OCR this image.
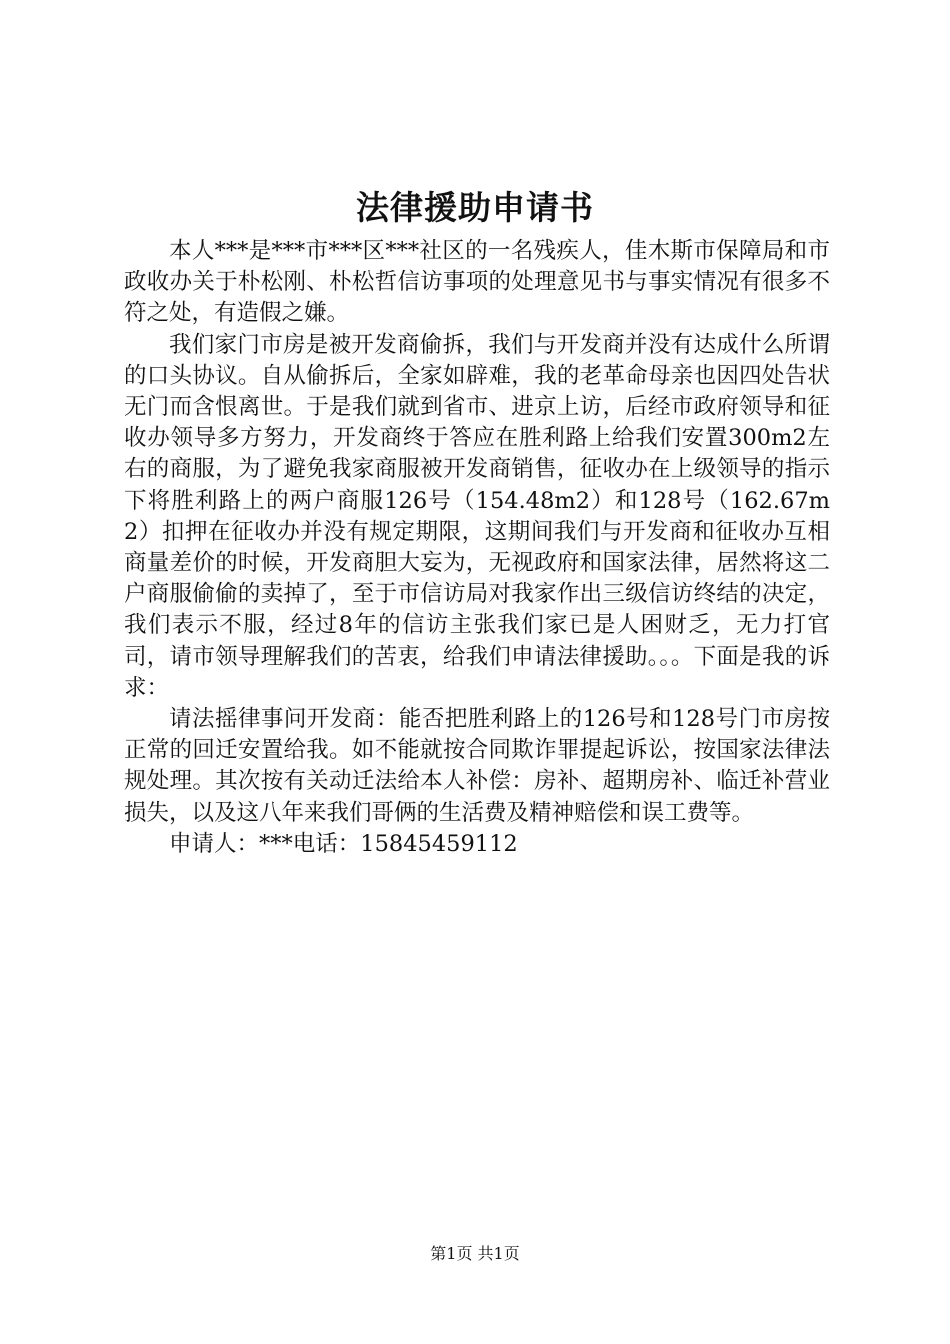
法律援助申请书

本人***是***市***区***社区的一名残疾人，佳木斯市保障局和市政收办关于朴松刚、朴松哲信访事项的处理意见书与事实情况有很多不符之处，有造假之嫌。

我们家门市房是被开发商偷拆，我们与开发商并没有达成什么所谓的口头协议。自从偷拆后，全家如辟难，我的老革命母亲也因四处告状无门而含恨离世。于是我们就到省市、进京上访，后经市政府领导和征收办领导多方努力，开发商终于答应在胜利路上给我们安置300m2左右的商服，为了避免我家商服被开发商销售，征收办在上级领导的指示下将胜利路上的两户商服126号（154.48m2）和128号（162.67m2）扣押在征收办并没有规定期限，这期间我们与开发商和征收办互相商量差价的时候，开发商胆大妄为，无视政府和国家法律，居然将这二户商服偷偷的卖掉了，至于市信访局对我家作出三级信访终结的决定，我们表示不服，经过8年的信访主张我们家已是人困财乏，无力打官司，请市领导理解我们的苦衷，给我们申请法律援助。。。下面是我的诉求：

请法摇律事问开发商：能否把胜利路上的126号和128号门市房按正常的回迁安置给我。如不能就按合同欺诈罪提起诉讼，按国家法律法规处理。其次按有关动迁法给本人补偿：房补、超期房补、临迁补营业损失，以及这八年来我们哥俩的生活费及精神赔偿和误工费等。

申请人：***电话：15845459112

第1页 共1页
